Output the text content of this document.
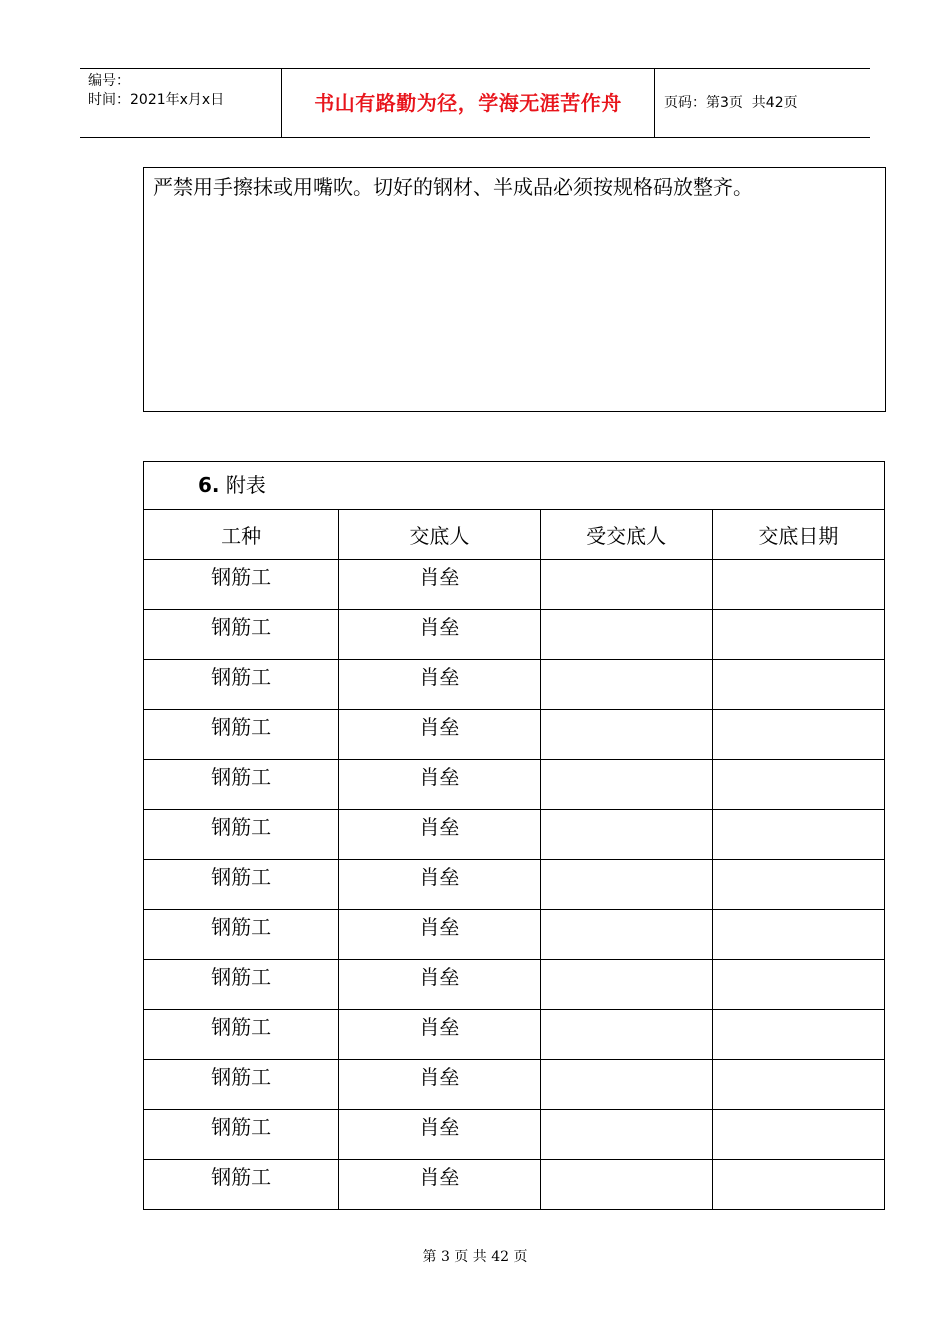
编号：
时间：2021年x月x日	书山有路勤为径，学海无涯苦作舟	页码：第3页  共42页

严禁用手擦抹或用嘴吹。切好的钢材、半成品必须按规格码放整齐。

6. 附表			
工种	交底人	受交底人	交底日期
钢筋工	肖垒		
钢筋工	肖垒		
钢筋工	肖垒		
钢筋工	肖垒		
钢筋工	肖垒		
钢筋工	肖垒		
钢筋工	肖垒		
钢筋工	肖垒		
钢筋工	肖垒		
钢筋工	肖垒		
钢筋工	肖垒		
钢筋工	肖垒		
钢筋工	肖垒		
第 3 页 共 42 页
